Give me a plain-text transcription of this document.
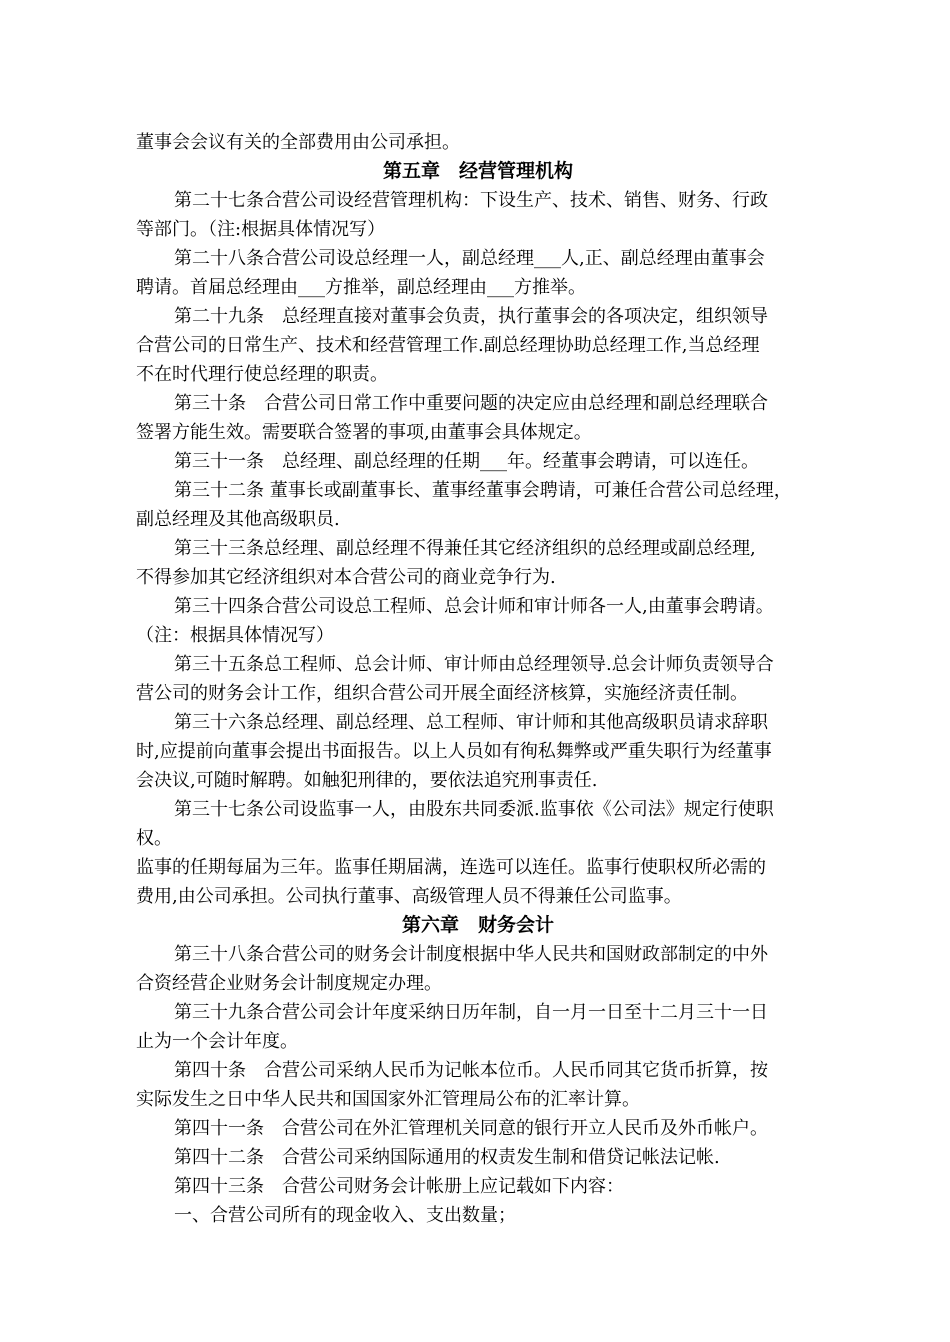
董事会会议有关的全部费用由公司承担。
第五章　经营管理机构
第二十七条合营公司设经营管理机构：下设生产、技术、销售、财务、行政
等部门。（注:根据具体情况写）
第二十八条合营公司设总经理一人，副总经理___人,正、副总经理由董事会
聘请。首届总经理由___方推举，副总经理由___方推举。
第二十九条　总经理直接对董事会负责，执行董事会的各项决定，组织领导
合营公司的日常生产、技术和经营管理工作.副总经理协助总经理工作,当总经理
不在时代理行使总经理的职责。
第三十条　合营公司日常工作中重要问题的决定应由总经理和副总经理联合
签署方能生效。需要联合签署的事项,由董事会具体规定。
第三十一条　总经理、副总经理的任期___年。经董事会聘请，可以连任。
第三十二条 董事长或副董事长、董事经董事会聘请，可兼任合营公司总经理，
副总经理及其他高级职员.
第三十三条总经理、副总经理不得兼任其它经济组织的总经理或副总经理,
不得参加其它经济组织对本合营公司的商业竞争行为.
第三十四条合营公司设总工程师、总会计师和审计师各一人,由董事会聘请。
（注：根据具体情况写）
第三十五条总工程师、总会计师、审计师由总经理领导.总会计师负责领导合
营公司的财务会计工作，组织合营公司开展全面经济核算，实施经济责任制。
第三十六条总经理、副总经理、总工程师、审计师和其他高级职员请求辞职
时,应提前向董事会提出书面报告。以上人员如有徇私舞弊或严重失职行为经董事
会决议,可随时解聘。如触犯刑律的，要依法追究刑事责任.
第三十七条公司设监事一人，由股东共同委派.监事依《公司法》规定行使职
权。
监事的任期每届为三年。监事任期届满，连选可以连任。监事行使职权所必需的
费用,由公司承担。公司执行董事、高级管理人员不得兼任公司监事。
第六章　财务会计
第三十八条合营公司的财务会计制度根据中华人民共和国财政部制定的中外
合资经营企业财务会计制度规定办理。
第三十九条合营公司会计年度采纳日历年制，自一月一日至十二月三十一日
止为一个会计年度。
第四十条　合营公司采纳人民币为记帐本位币。人民币同其它货币折算，按
实际发生之日中华人民共和国国家外汇管理局公布的汇率计算。
第四十一条　合营公司在外汇管理机关同意的银行开立人民币及外币帐户。
第四十二条　合营公司采纳国际通用的权责发生制和借贷记帐法记帐.
第四十三条　合营公司财务会计帐册上应记载如下内容：
一、合营公司所有的现金收入、支出数量；
